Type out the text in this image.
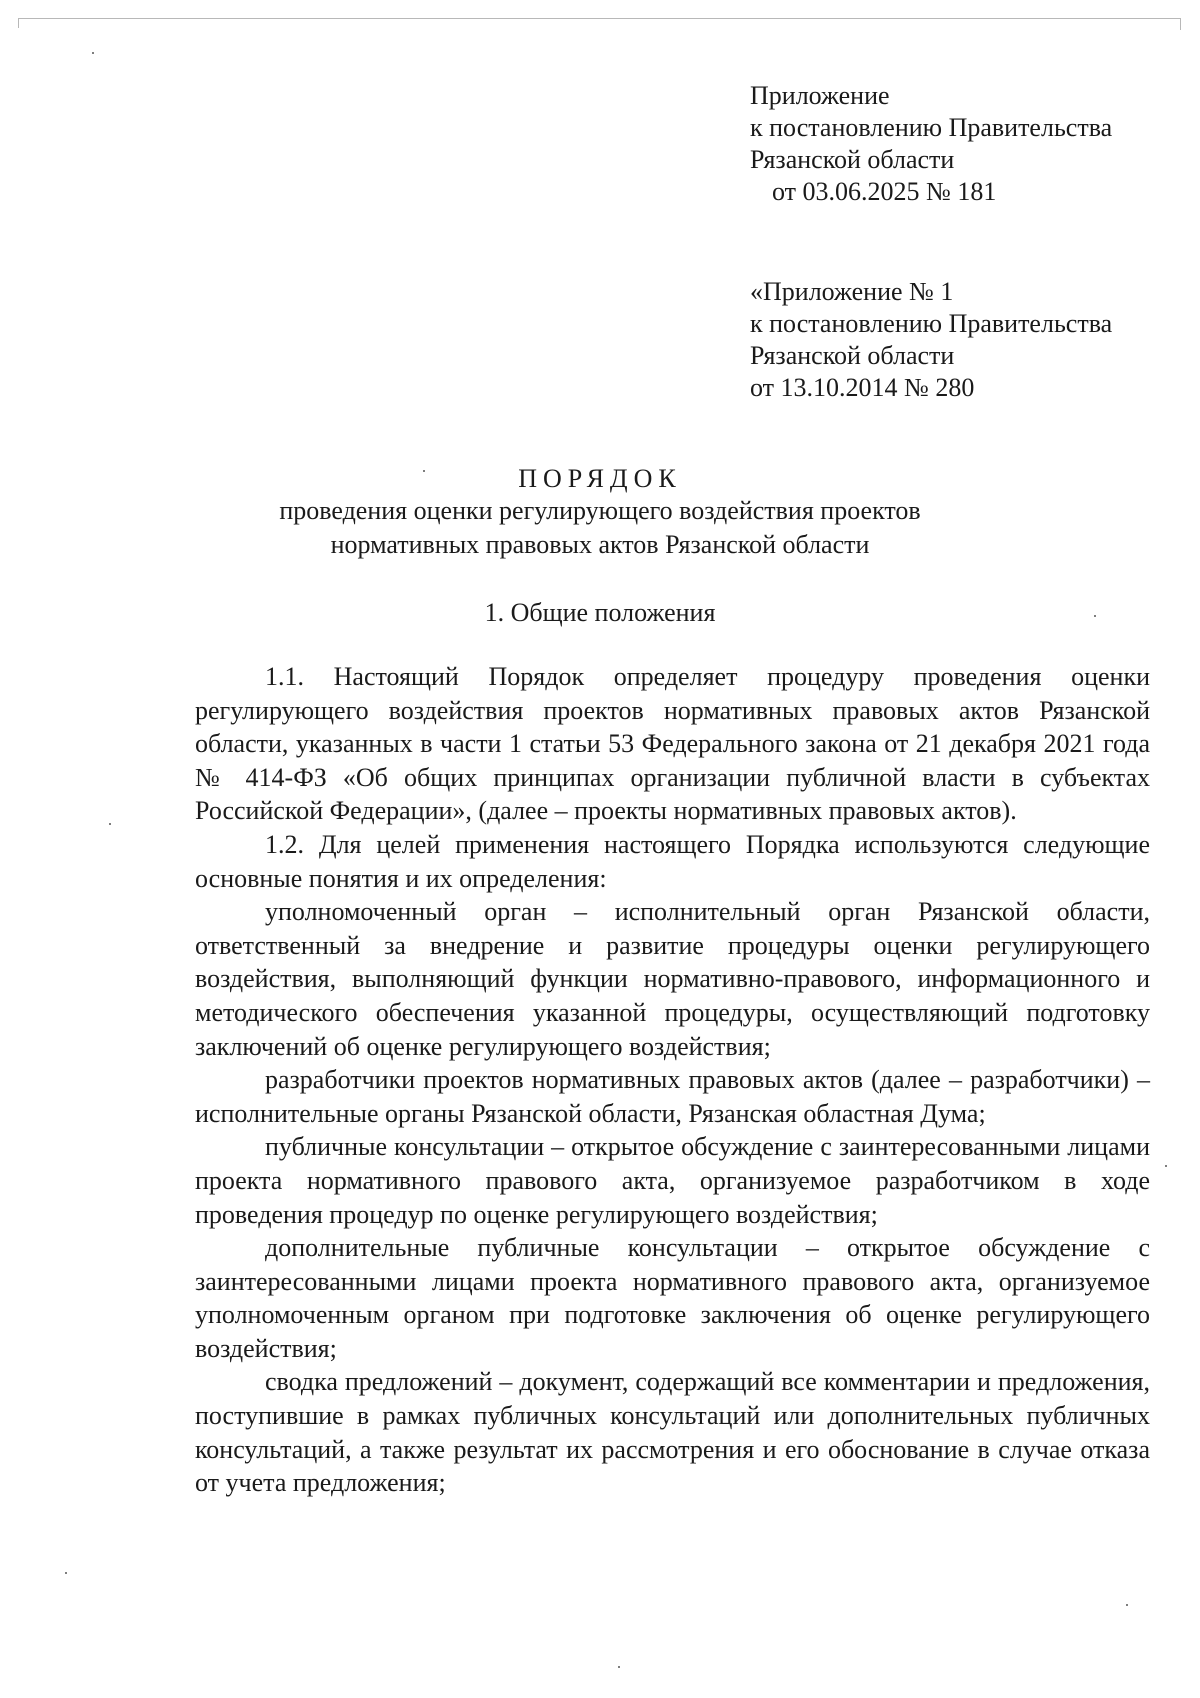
Приложение
к постановлению Правительства
Рязанской области
от 03.06.2025 № 181
«Приложение № 1
к постановлению Правительства
Рязанской области
от 13.10.2014 № 280
ПОРЯДОК
проведения оценки регулирующего воздействия проектов
нормативных правовых актов Рязанской области
1. Общие положения

1.1. Настоящий Порядок определяет процедуру проведения оценки регулирующего воздействия проектов нормативных правовых актов Рязанской области, указанных в части 1 статьи 53 Федерального закона от 21 декабря 2021 года № 414-ФЗ «Об общих принципах организации публичной власти в субъектах Российской Федерации», (далее – проекты нормативных правовых актов).

1.2. Для целей применения настоящего Порядка используются следующие основные понятия и их определения:

уполномоченный орган – исполнительный орган Рязанской области, ответственный за внедрение и развитие процедуры оценки регулирующего воздействия, выполняющий функции нормативно-правового, информационного и методического обеспечения указанной процедуры, осуществляющий подготовку заключений об оценке регулирующего воздействия;

разработчики проектов нормативных правовых актов (далее – разработчики) – исполнительные органы Рязанской области, Рязанская областная Дума;

публичные консультации – открытое обсуждение с заинтересованными лицами проекта нормативного правового акта, организуемое разработчиком в ходе проведения процедур по оценке регулирующего воздействия;

дополнительные публичные консультации – открытое обсуждение с заинтересованными лицами проекта нормативного правового акта, организуемое уполномоченным органом при подготовке заключения об оценке регулирующего воздействия;

сводка предложений – документ, содержащий все комментарии и предложения, поступившие в рамках публичных консультаций или дополнительных публичных консультаций, а также результат их рассмотрения и его обоснование в случае отказа от учета предложения;
